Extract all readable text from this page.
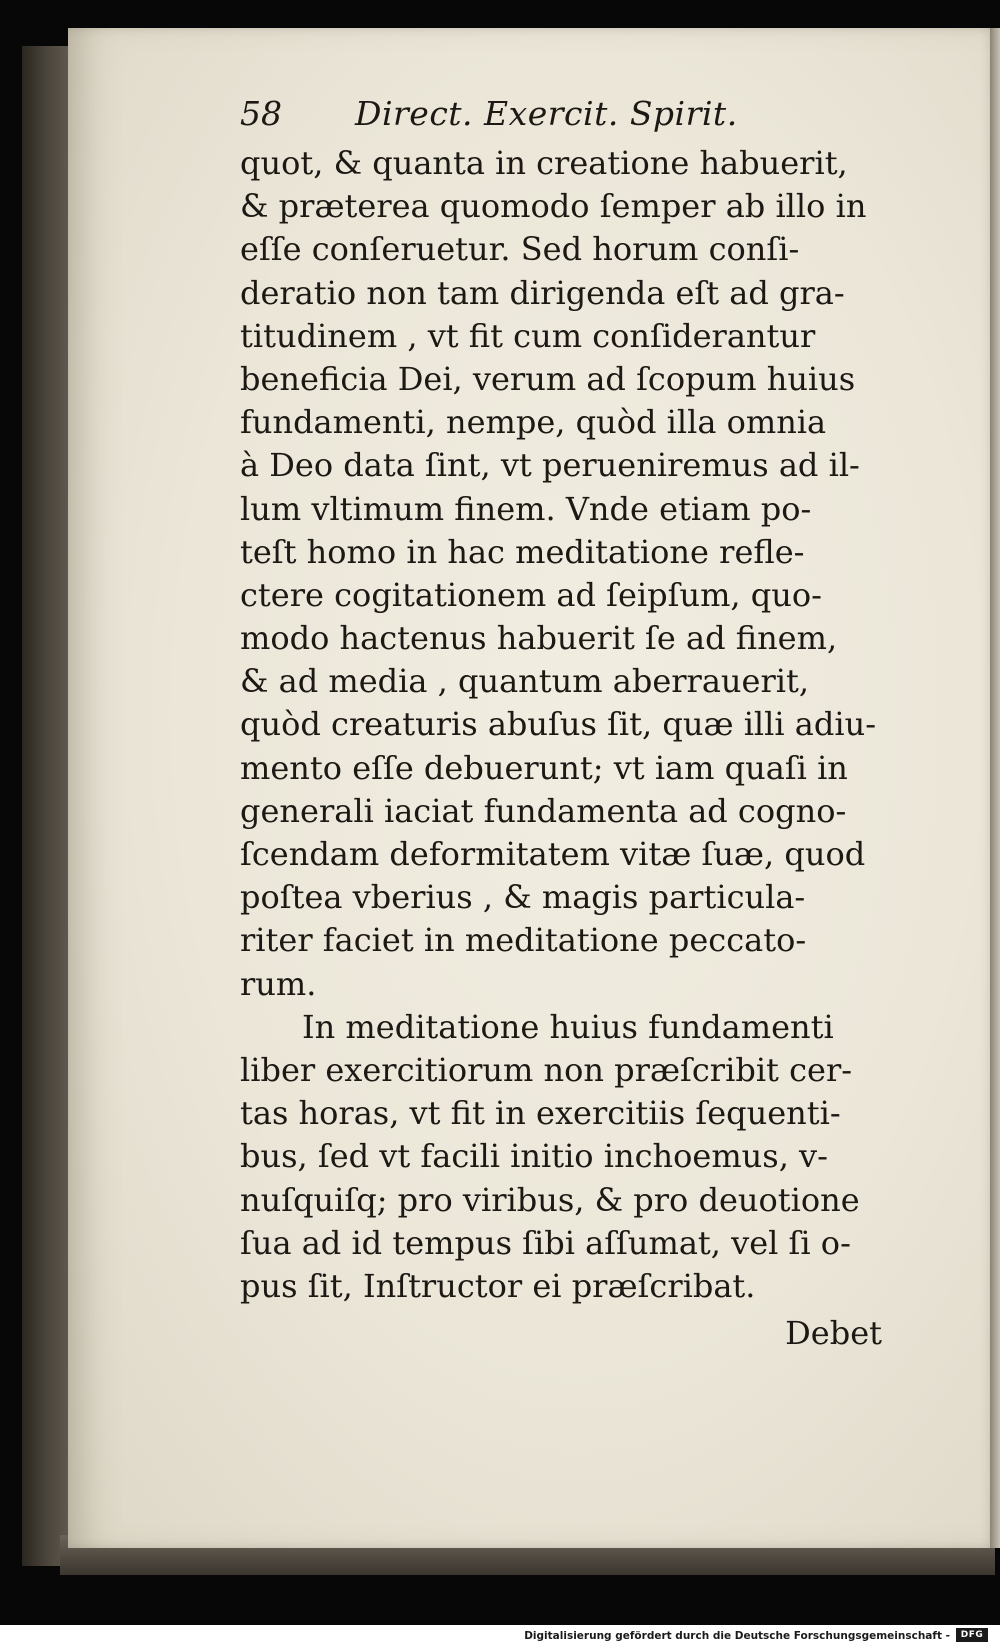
58 Direct. Exercit. Spirit.
quot, & quanta in creatione habuerit,
& præterea quomodo ſemper ab illo in
eſſe conſeruetur. Sed horum conſi-
deratio non tam dirigenda eſt ad gra-
titudinem , vt fit cum conſiderantur
beneficia Dei, verum ad ſcopum huius
fundamenti, nempe, quòd illa omnia
à Deo data ſint, vt perueniremus ad il-
lum vltimum finem. Vnde etiam po-
teſt homo in hac meditatione refle-
ctere cogitationem ad ſeipſum, quo-
modo hactenus habuerit ſe ad finem,
& ad media , quantum aberrauerit,
quòd creaturis abuſus ſit, quæ illi adiu-
mento eſſe debuerunt; vt iam quaſi in
generali iaciat fundamenta ad cogno-
ſcendam deformitatem vitæ ſuæ, quod
poſtea vberius , & magis particula-
riter faciet in meditatione peccato-
rum.
In meditatione huius fundamenti
liber exercitiorum non præſcribit cer-
tas horas, vt fit in exercitiis ſequenti-
bus, ſed vt facili initio inchoemus, v-
nuſquiſq; pro viribus, & pro deuotione
ſua ad id tempus ſibi aſſumat, vel ſi o-
pus ſit, Inſtructor ei præſcribat.
Debet
Digitalisierung gefördert durch die Deutsche Forschungsgemeinschaft -	DFG
